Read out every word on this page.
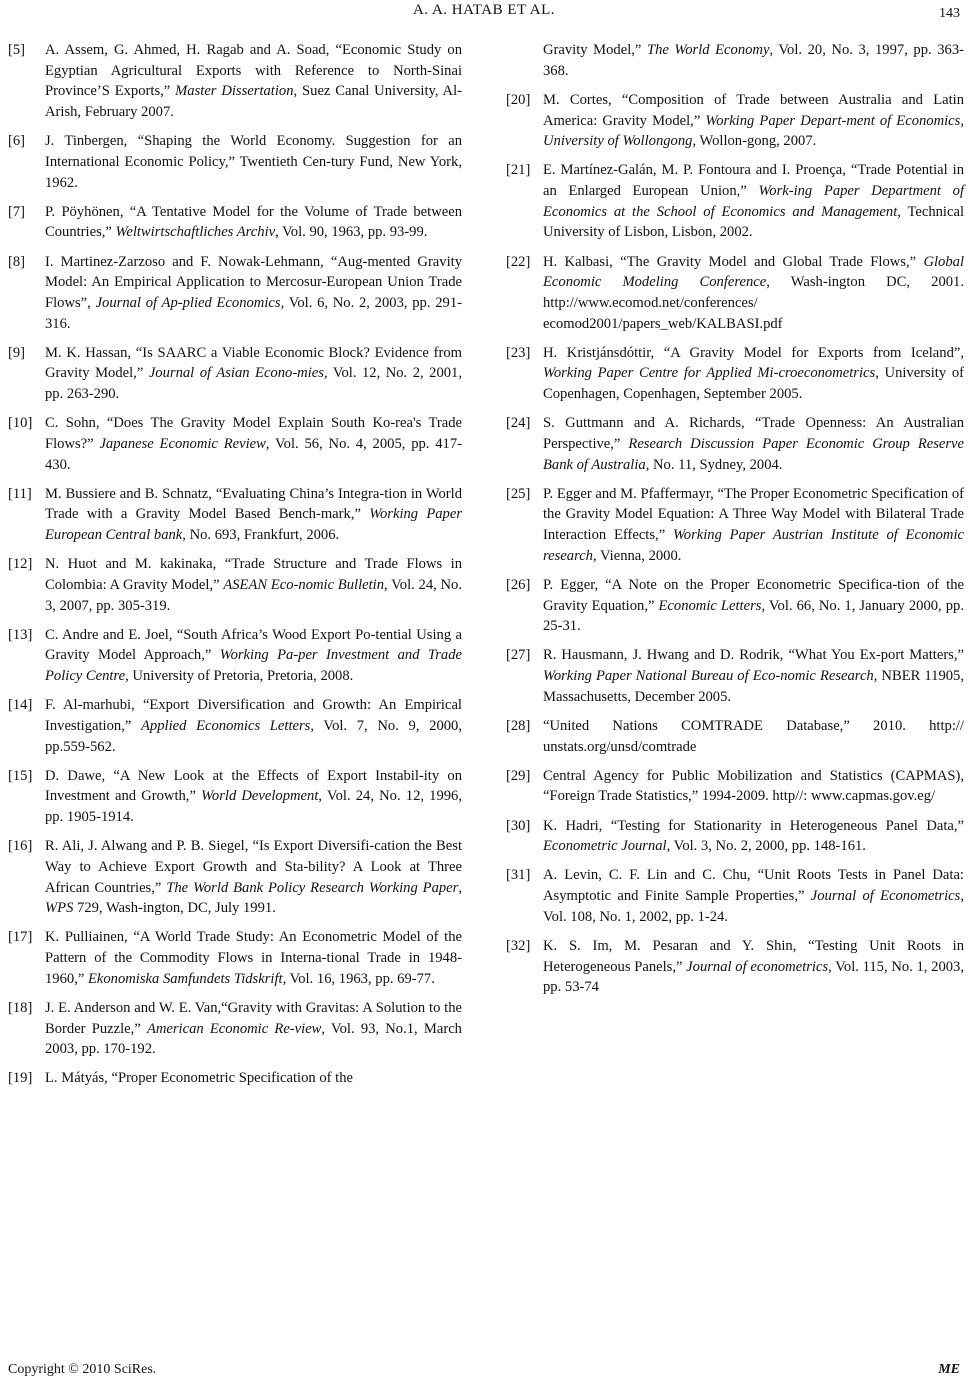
A. A. HATAB ET AL.	143
[5]	A. Assem, G. Ahmed, H. Ragab and A. Soad, “Economic Study on Egyptian Agricultural Exports with Reference to North-Sinai Province’S Exports,” Master Dissertation, Suez Canal University, Al-Arish, February 2007.
[6]	J. Tinbergen, “Shaping the World Economy. Suggestion for an International Economic Policy,” Twentieth Cen-tury Fund, New York, 1962.
[7]	P. Pöyhönen, “A Tentative Model for the Volume of Trade between Countries,” Weltwirtschaftliches Archiv, Vol. 90, 1963, pp. 93-99.
[8]	I. Martinez-Zarzoso and F. Nowak-Lehmann, “Aug-mented Gravity Model: An Empirical Application to Mercosur-European Union Trade Flows”, Journal of Ap-plied Economics, Vol. 6, No. 2, 2003, pp. 291-316.
[9]	M. K. Hassan, “Is SAARC a Viable Economic Block? Evidence from Gravity Model,” Journal of Asian Econo-mies, Vol. 12, No. 2, 2001, pp. 263-290.
[10] C. Sohn, “Does The Gravity Model Explain South Ko-rea's Trade Flows?” Japanese Economic Review, Vol. 56, No. 4, 2005, pp. 417-430.
[11] M. Bussiere and B. Schnatz, “Evaluating China’s Integra-tion in World Trade with a Gravity Model Based Bench-mark,” Working Paper European Central bank, No. 693, Frankfurt, 2006.
[12] N. Huot and M. kakinaka, “Trade Structure and Trade Flows in Colombia: A Gravity Model,” ASEAN Eco-nomic Bulletin, Vol. 24, No. 3, 2007, pp. 305-319.
[13] C. Andre and E. Joel, “South Africa’s Wood Export Po-tential Using a Gravity Model Approach,” Working Pa-per Investment and Trade Policy Centre, University of Pretoria, Pretoria, 2008.
[14] F. Al-marhubi, “Export Diversification and Growth: An Empirical Investigation,” Applied Economics Letters, Vol. 7, No. 9, 2000, pp.559-562.
[15] D. Dawe, “A New Look at the Effects of Export Instabil-ity on Investment and Growth,” World Development, Vol. 24, No. 12, 1996, pp. 1905-1914.
[16] R. Ali, J. Alwang and P. B. Siegel, “Is Export Diversifi-cation the Best Way to Achieve Export Growth and Sta-bility? A Look at Three African Countries,” The World Bank Policy Research Working Paper, WPS 729, Wash-ington, DC, July 1991.
[17] K. Pulliainen, “A World Trade Study: An Econometric Model of the Pattern of the Commodity Flows in Interna-tional Trade in 1948-1960,” Ekonomiska Samfundets Tidskrift, Vol. 16, 1963, pp. 69-77.
[18] J. E. Anderson and W. E. Van,“Gravity with Gravitas: A Solution to the Border Puzzle,” American Economic Re-view, Vol. 93, No.1, March 2003, pp. 170-192.
[19] L. Mátyás, “Proper Econometric Specification of the
Gravity Model,” The World Economy, Vol. 20, No. 3, 1997, pp. 363-368.
[20] M. Cortes, “Composition of Trade between Australia and Latin America: Gravity Model,” Working Paper Depart-ment of Economics, University of Wollongong, Wollon-gong, 2007.
[21] E. Martínez-Galán, M. P. Fontoura and I. Proença, “Trade Potential in an Enlarged European Union,” Work-ing Paper Department of Economics at the School of Economics and Management, Technical University of Lisbon, Lisbon, 2002.
[22] H. Kalbasi, “The Gravity Model and Global Trade Flows,” Global Economic Modeling Conference, Wash-ington DC, 2001. http://www.ecomod.net/conferences/ ecomod2001/papers_web/KALBASI.pdf
[23] H. Kristjánsdóttir, “A Gravity Model for Exports from Iceland”, Working Paper Centre for Applied Mi-croeconometrics, University of Copenhagen, Copenhagen, September 2005.
[24] S. Guttmann and A. Richards, “Trade Openness: An Australian Perspective,” Research Discussion Paper Economic Group Reserve Bank of Australia, No. 11, Sydney, 2004.
[25] P. Egger and M. Pfaffermayr, “The Proper Econometric Specification of the Gravity Model Equation: A Three Way Model with Bilateral Trade Interaction Effects,” Working Paper Austrian Institute of Economic research, Vienna, 2000.
[26] P. Egger, “A Note on the Proper Econometric Specifica-tion of the Gravity Equation,” Economic Letters, Vol. 66, No. 1, January 2000, pp. 25-31.
[27] R. Hausmann, J. Hwang and D. Rodrik, “What You Ex-port Matters,” Working Paper National Bureau of Eco-nomic Research, NBER 11905, Massachusetts, December 2005.
[28] “United Nations COMTRADE Database,” 2010. http:// unstats.org/unsd/comtrade
[29] Central Agency for Public Mobilization and Statistics (CAPMAS), “Foreign Trade Statistics,” 1994-2009. http//: www.capmas.gov.eg/
[30] K. Hadri, “Testing for Stationarity in Heterogeneous Panel Data,” Econometric Journal, Vol. 3, No. 2, 2000, pp. 148-161.
[31] A. Levin, C. F. Lin and C. Chu, “Unit Roots Tests in Panel Data: Asymptotic and Finite Sample Properties,” Journal of Econometrics, Vol. 108, No. 1, 2002, pp. 1-24.
[32] K. S. Im, M. Pesaran and Y. Shin, “Testing Unit Roots in Heterogeneous Panels,” Journal of econometrics, Vol. 115, No. 1, 2003, pp. 53-74
Copyright © 2010 SciRes.	ME
